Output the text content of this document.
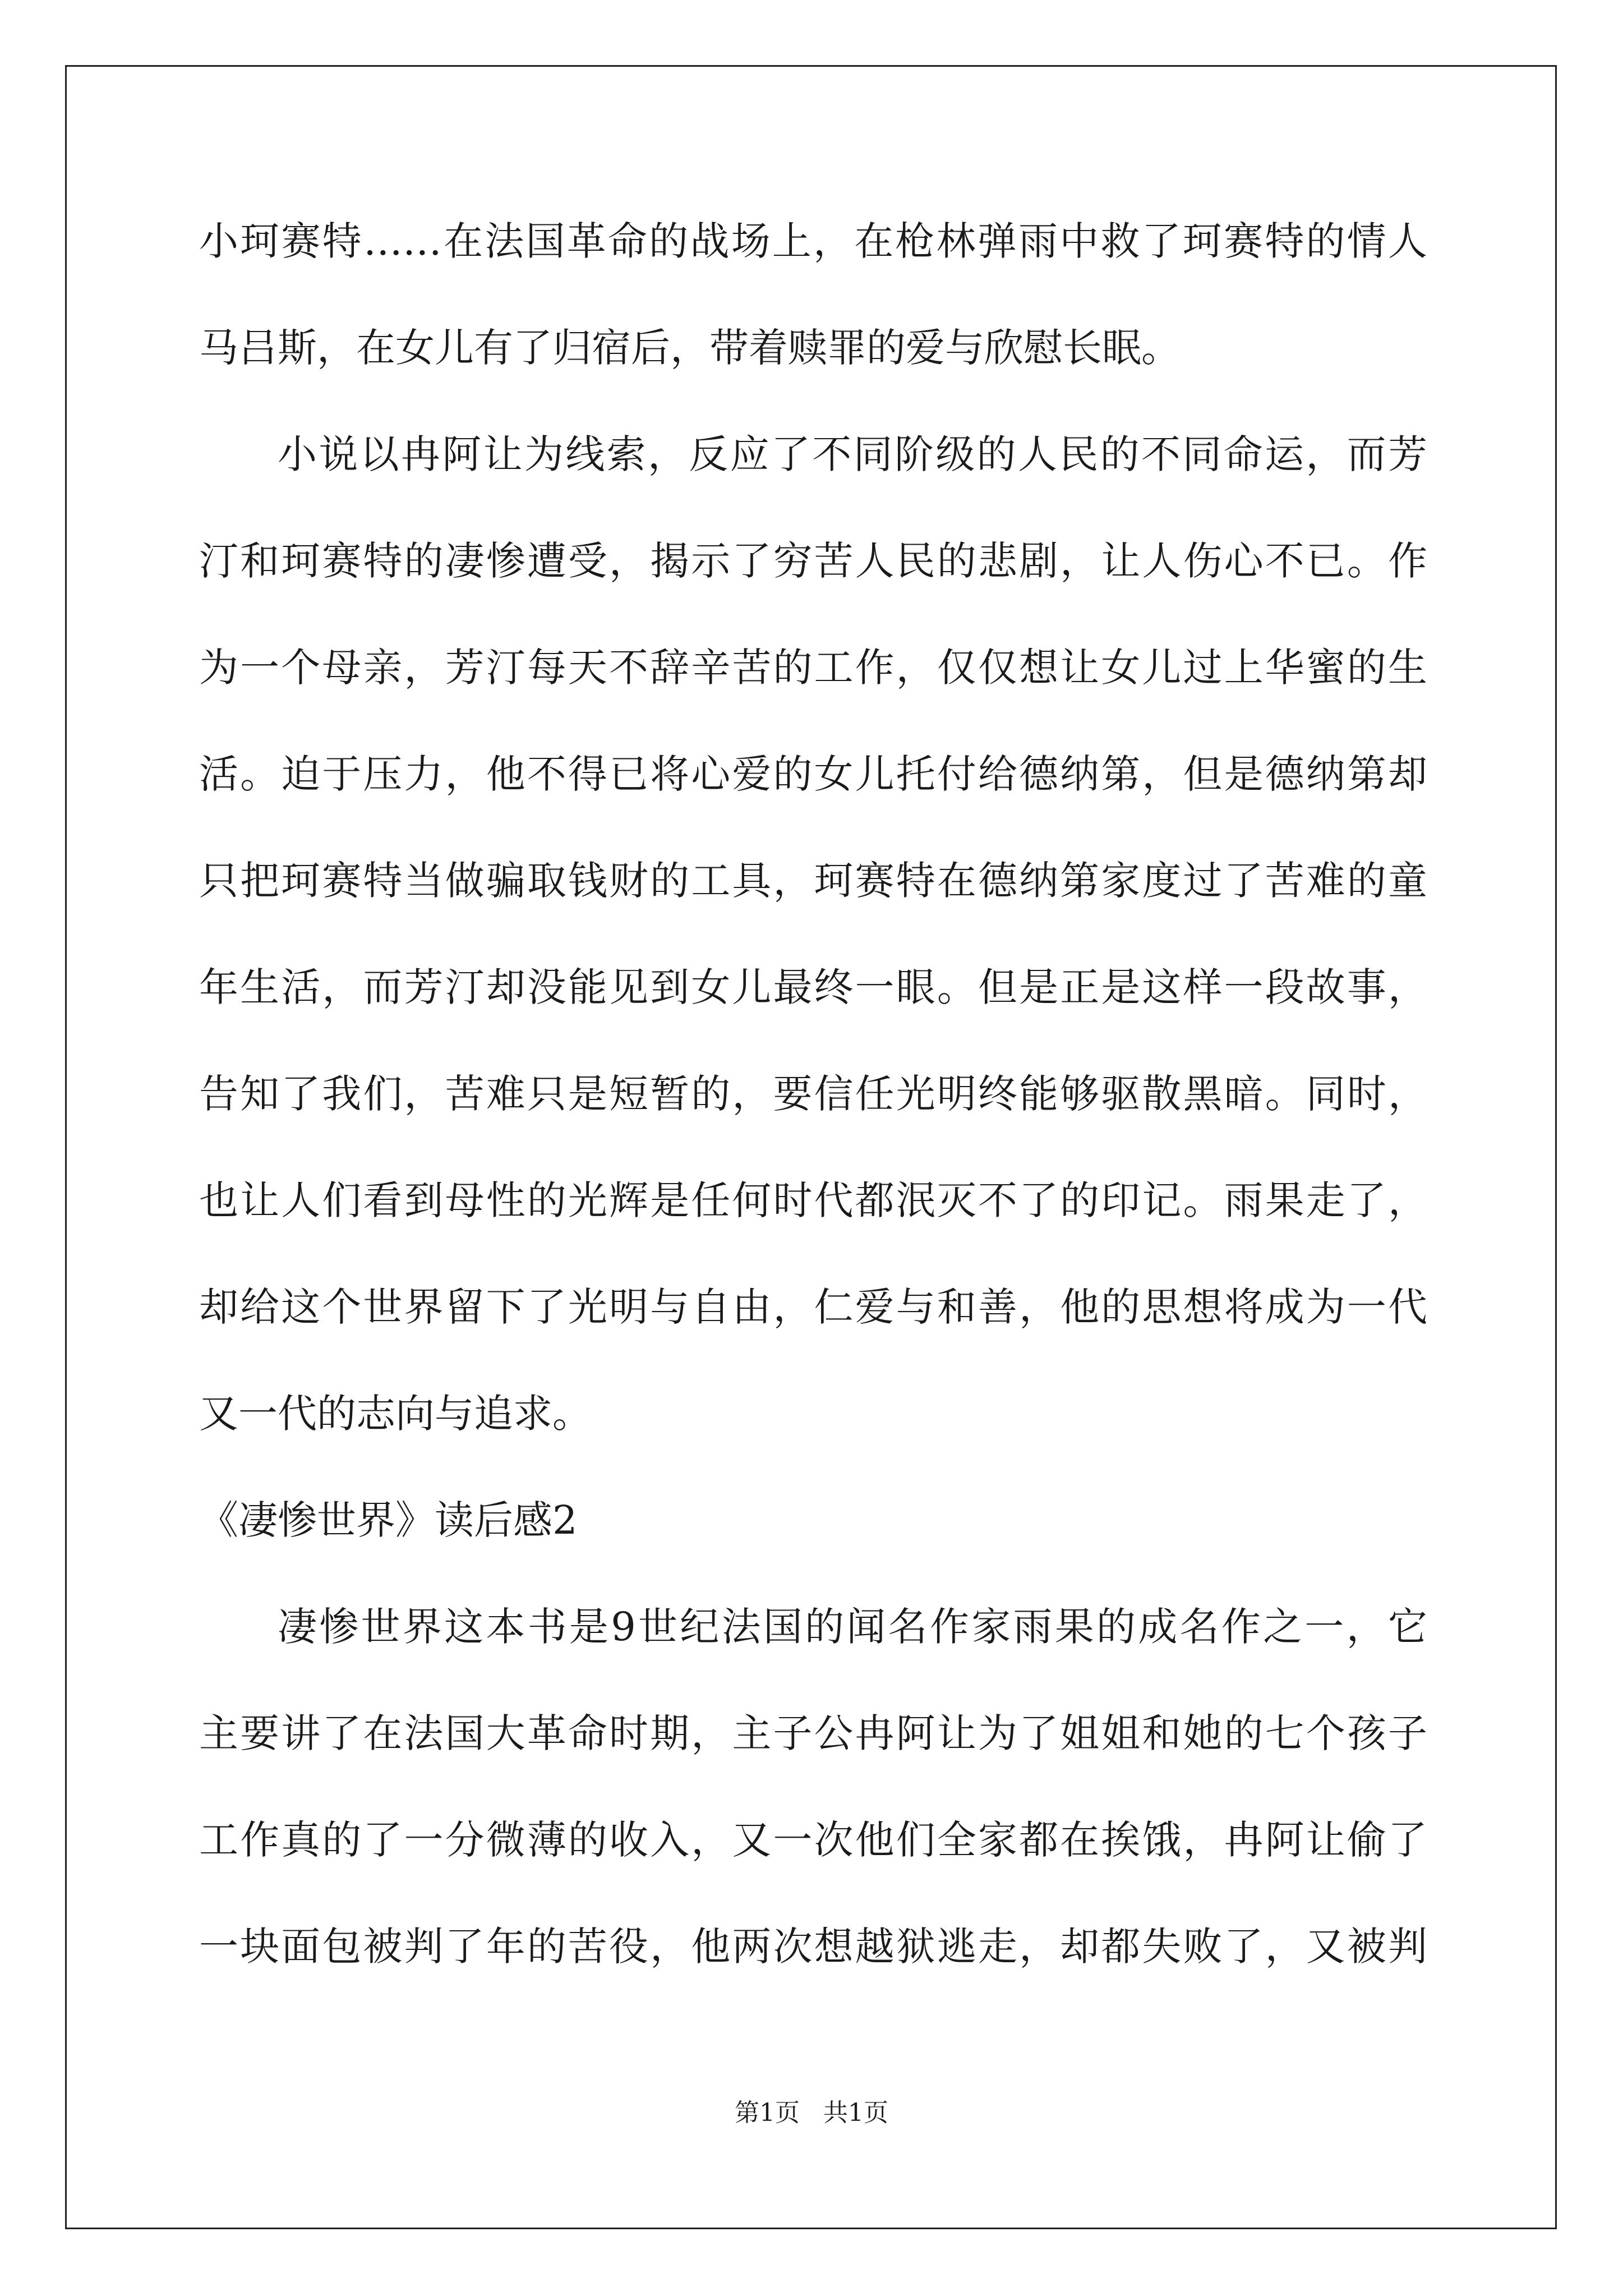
小珂赛特……在法国革命的战场上，在枪林弹雨中救了珂赛特的情人
马吕斯，在女儿有了归宿后，带着赎罪的爱与欣慰长眠。
小说以冉阿让为线索，反应了不同阶级的人民的不同命运，而芳
汀和珂赛特的凄惨遭受，揭示了穷苦人民的悲剧，让人伤心不已。作
为一个母亲，芳汀每天不辞辛苦的工作，仅仅想让女儿过上华蜜的生
活。迫于压力，他不得已将心爱的女儿托付给德纳第，但是德纳第却
只把珂赛特当做骗取钱财的工具，珂赛特在德纳第家度过了苦难的童
年生活，而芳汀却没能见到女儿最终一眼。但是正是这样一段故事，
告知了我们，苦难只是短暂的，要信任光明终能够驱散黑暗。同时，
也让人们看到母性的光辉是任何时代都泯灭不了的印记。雨果走了，
却给这个世界留下了光明与自由，仁爱与和善，他的思想将成为一代
又一代的志向与追求。
《凄惨世界》读后感2
凄惨世界这本书是9世纪法国的闻名作家雨果的成名作之一，它
主要讲了在法国大革命时期，主子公冉阿让为了姐姐和她的七个孩子
工作真的了一分微薄的收入，又一次他们全家都在挨饿，冉阿让偷了
一块面包被判了年的苦役，他两次想越狱逃走，却都失败了，又被判
第1页 共1页
